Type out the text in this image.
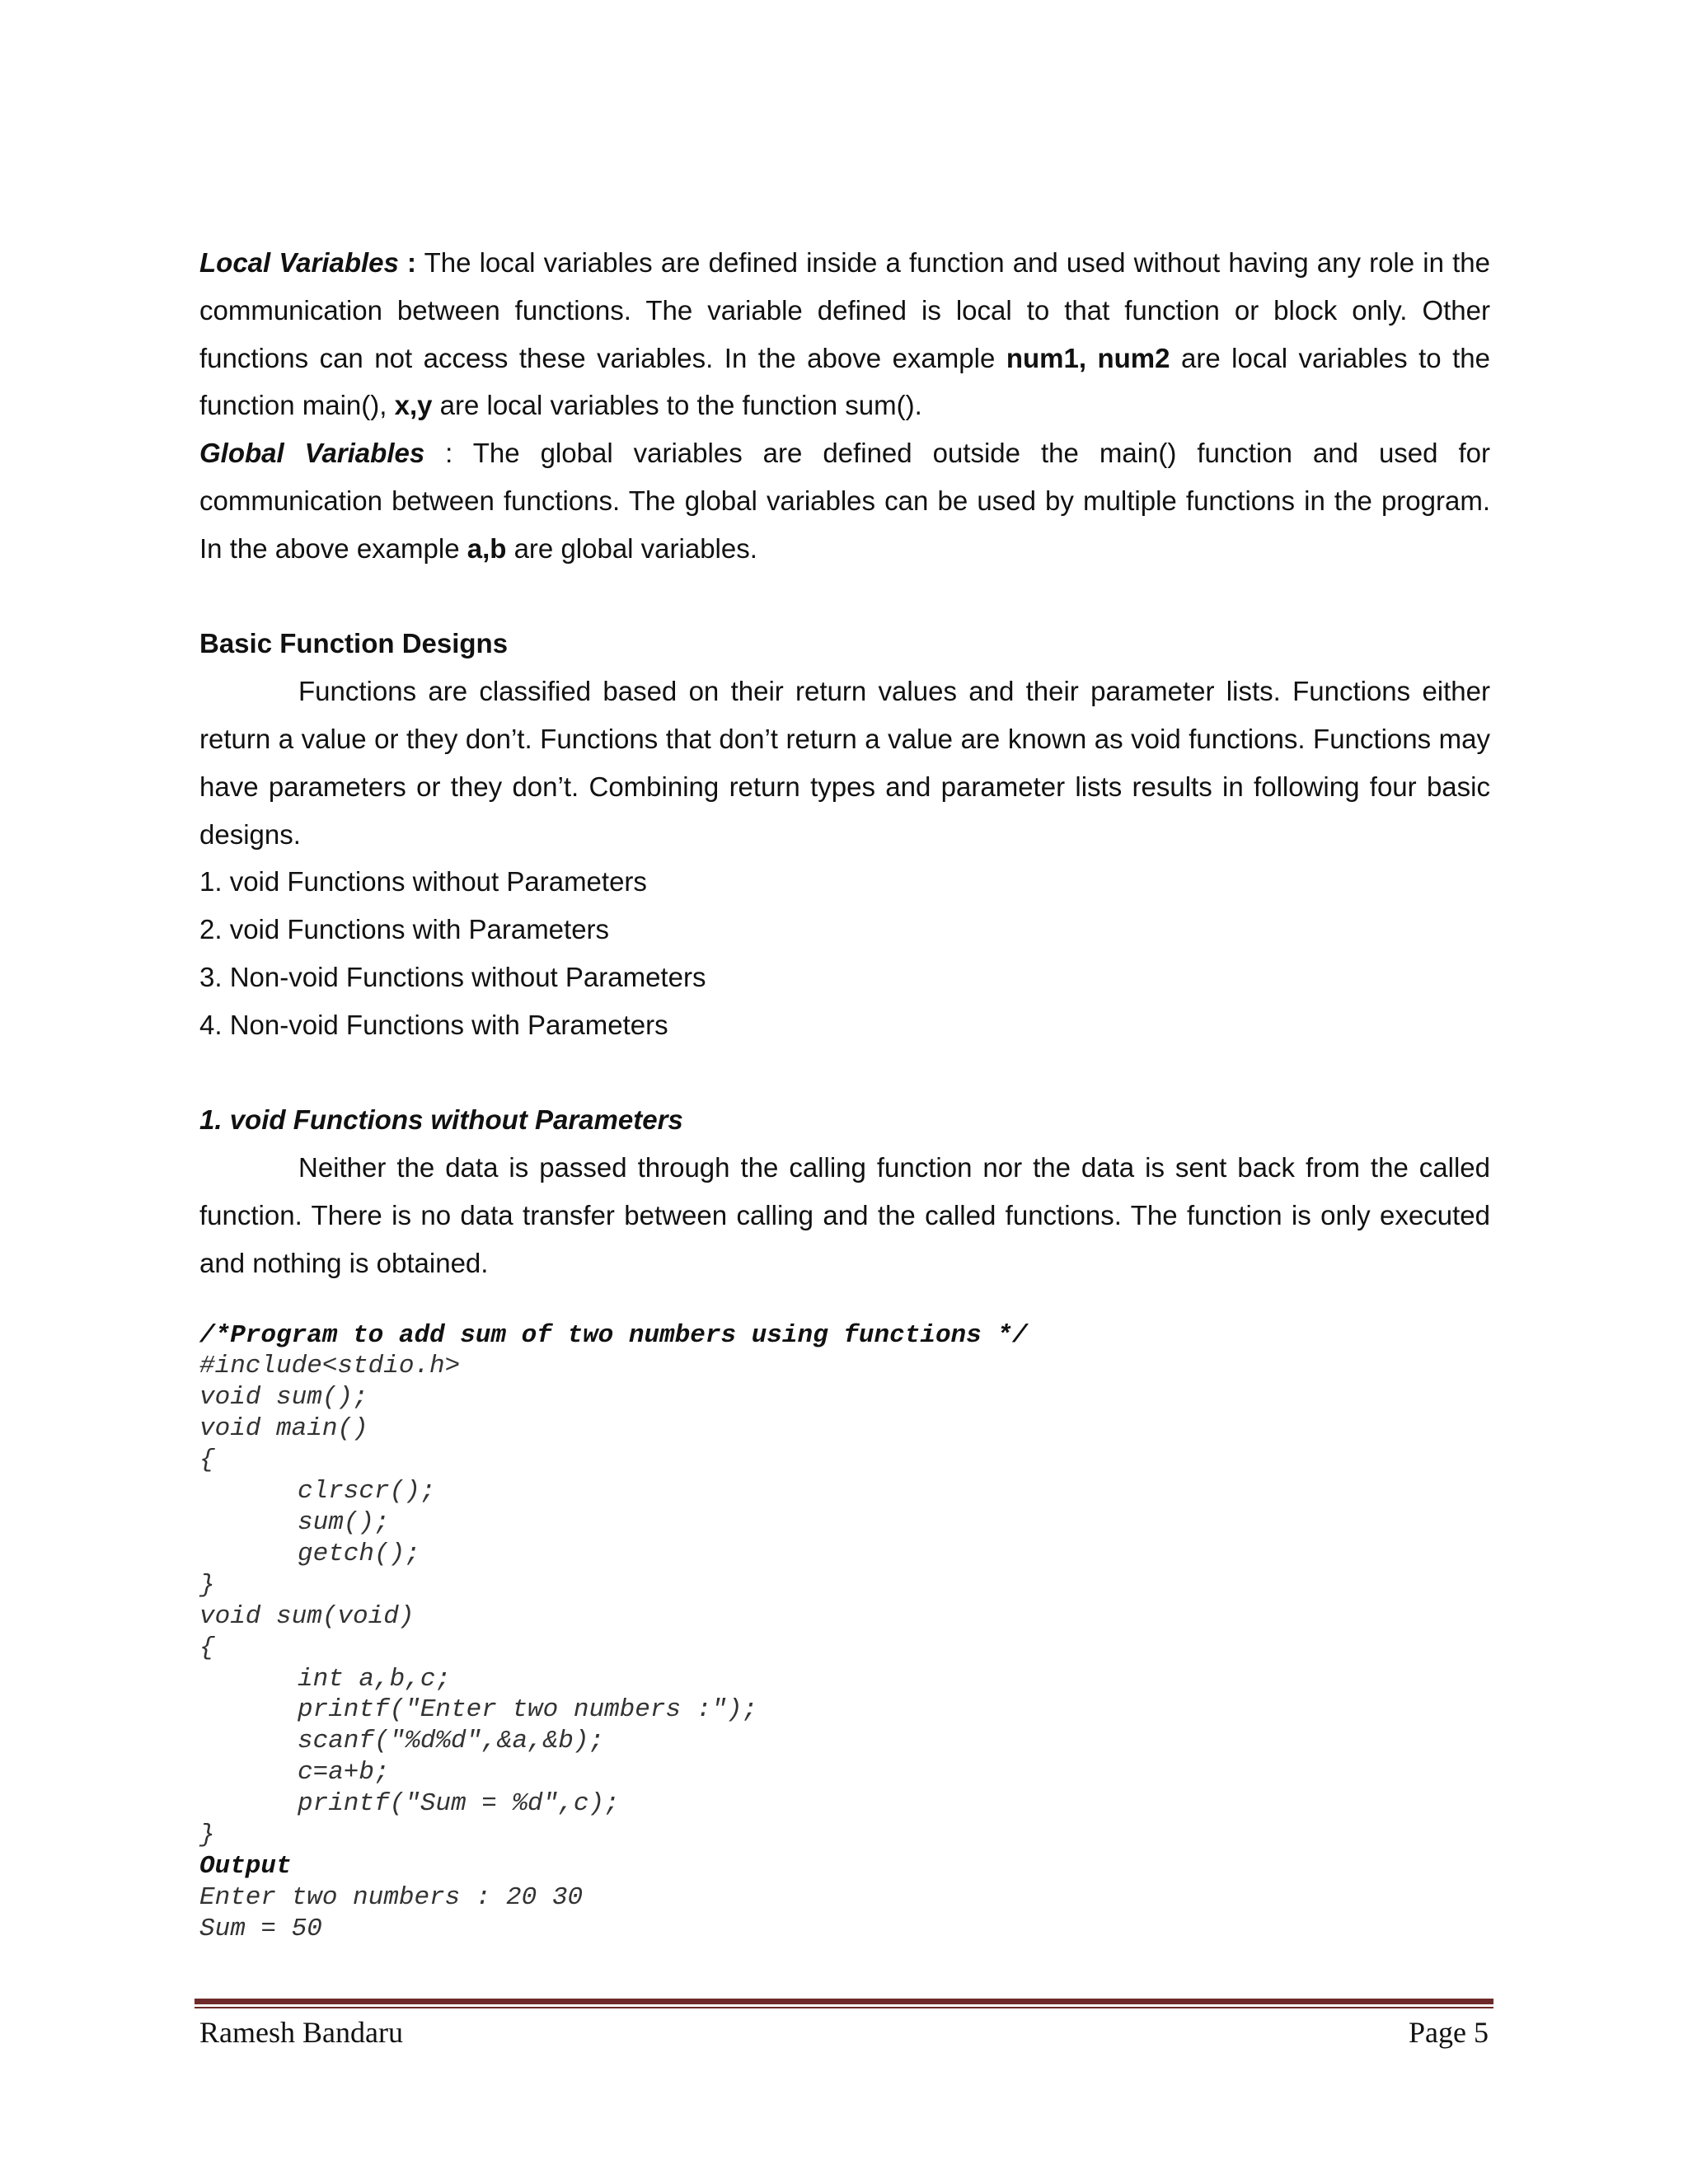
Local Variables : The local variables are defined inside a function and used without having any role in the communication between functions. The variable defined is local to that function or block only. Other functions can not access these variables. In the above example num1, num2 are local variables to the function main(), x,y are local variables to the function sum().

Global Variables : The global variables are defined outside the main() function and used for communication between functions. The global variables can be used by multiple functions in the program. In the above example a,b are global variables.

Basic Function Designs

Functions are classified based on their return values and their parameter lists. Functions either return a value or they don’t. Functions that don’t return a value are known as void functions. Functions may have parameters or they don’t. Combining return types and parameter lists results in following four basic designs.

1. void Functions without Parameters

2. void Functions with Parameters

3. Non-void Functions without Parameters

4. Non-void Functions with Parameters

1. void Functions without Parameters

Neither the data is passed through the calling function nor the data is sent back from the called function. There is no data transfer between calling and the called functions. The function is only executed and nothing is obtained.

/*Program to add sum of two numbers using functions */

#include<stdio.h>

void sum();

void main()

{

clrscr();

sum();

getch();

}

void sum(void)

{

int a,b,c;

printf("Enter two numbers :");

scanf("%d%d",&a,&b);

c=a+b;

printf("Sum = %d",c);

}

Output

Enter two numbers : 20 30

Sum = 50

Ramesh Bandaru	Page 5
